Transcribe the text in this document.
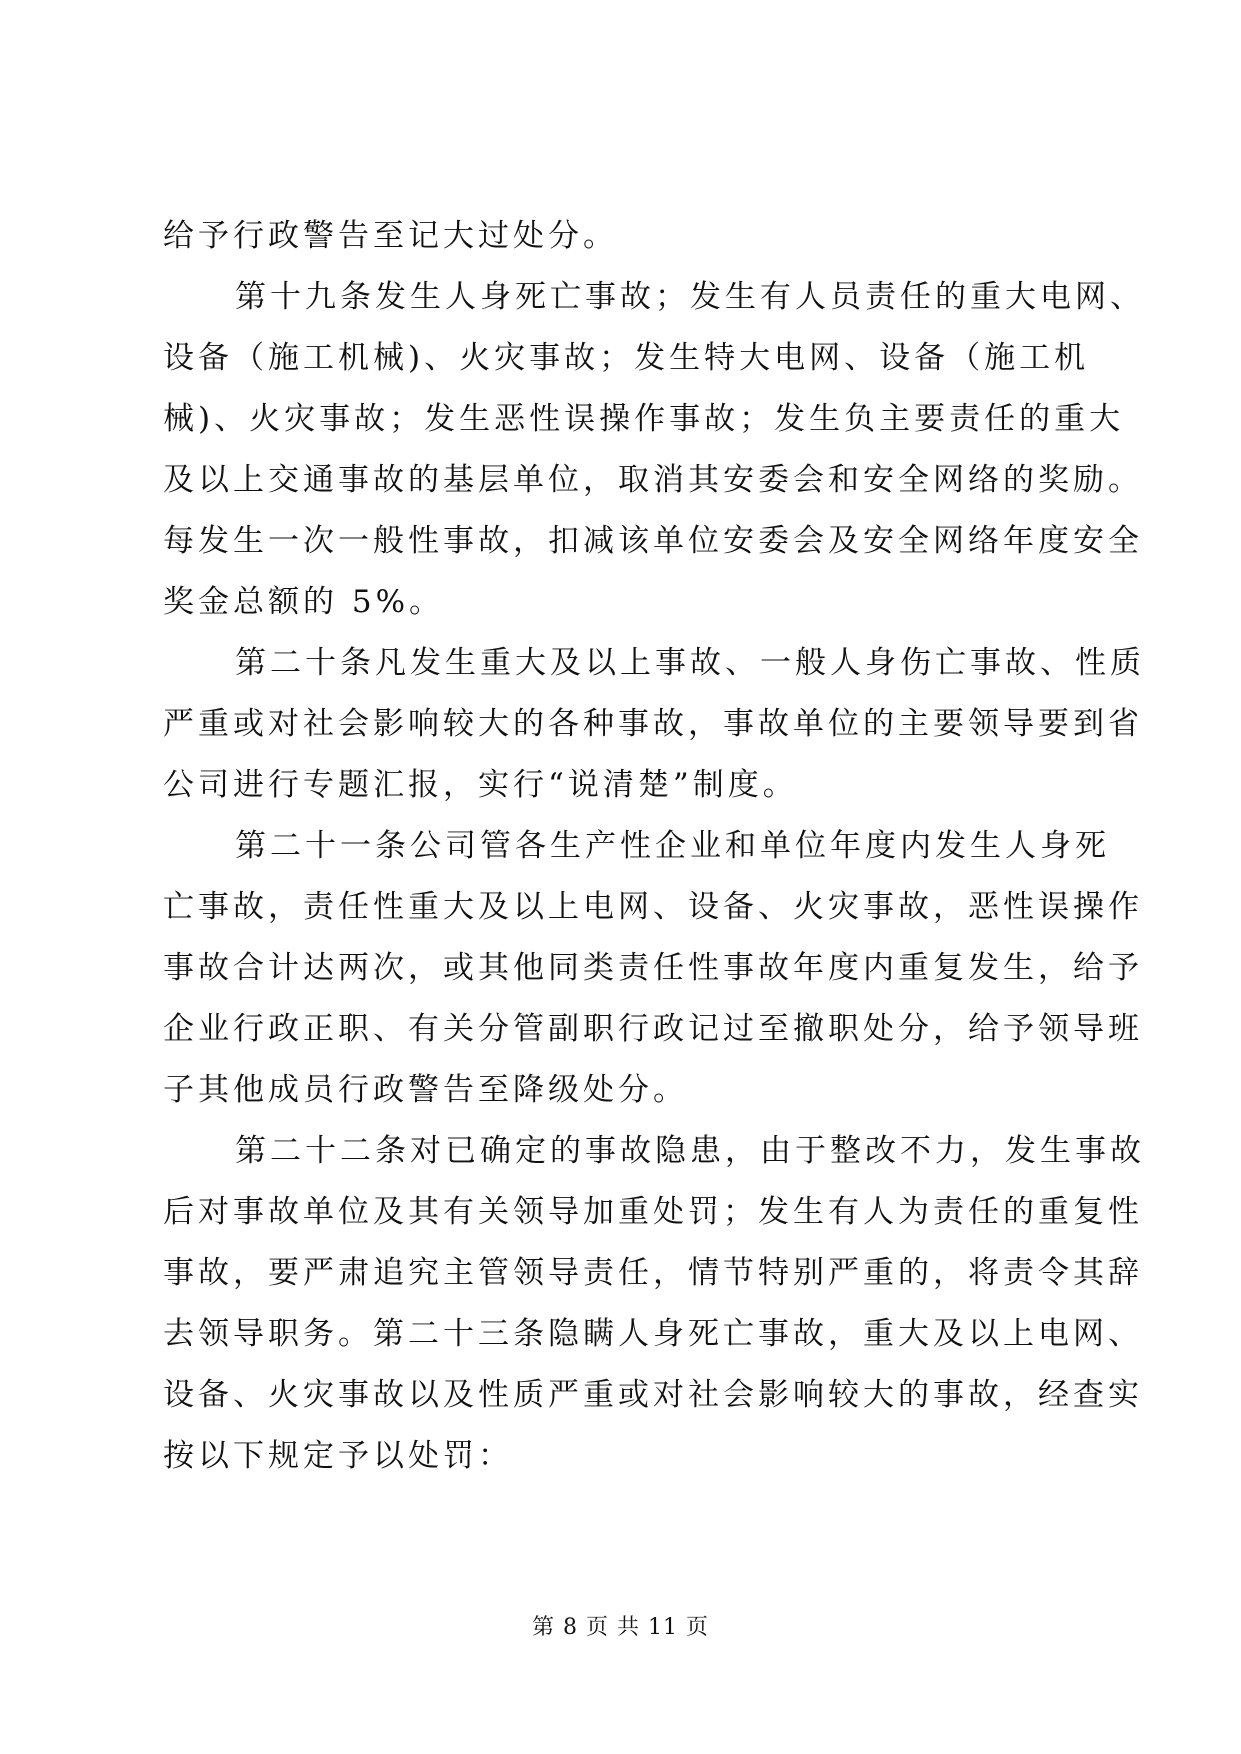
给予行政警告至记大过处分。
第十九条发生人身死亡事故；发生有人员责任的重大电网、
设备（施工机械)、火灾事故；发生特大电网、设备（施工机
械)、火灾事故；发生恶性误操作事故；发生负主要责任的重大
及以上交通事故的基层单位，取消其安委会和安全网络的奖励。
每发生一次一般性事故，扣减该单位安委会及安全网络年度安全
奖金总额的 5%。
第二十条凡发生重大及以上事故、一般人身伤亡事故、性质
严重或对社会影响较大的各种事故，事故单位的主要领导要到省
公司进行专题汇报，实行“说清楚”制度。
第二十一条公司管各生产性企业和单位年度内发生人身死
亡事故，责任性重大及以上电网、设备、火灾事故，恶性误操作
事故合计达两次，或其他同类责任性事故年度内重复发生，给予
企业行政正职、有关分管副职行政记过至撤职处分，给予领导班
子其他成员行政警告至降级处分。
第二十二条对已确定的事故隐患，由于整改不力，发生事故
后对事故单位及其有关领导加重处罚；发生有人为责任的重复性
事故，要严肃追究主管领导责任，情节特别严重的，将责令其辞
去领导职务。第二十三条隐瞒人身死亡事故，重大及以上电网、
设备、火灾事故以及性质严重或对社会影响较大的事故，经查实
按以下规定予以处罚：
第 8 页 共 11 页
